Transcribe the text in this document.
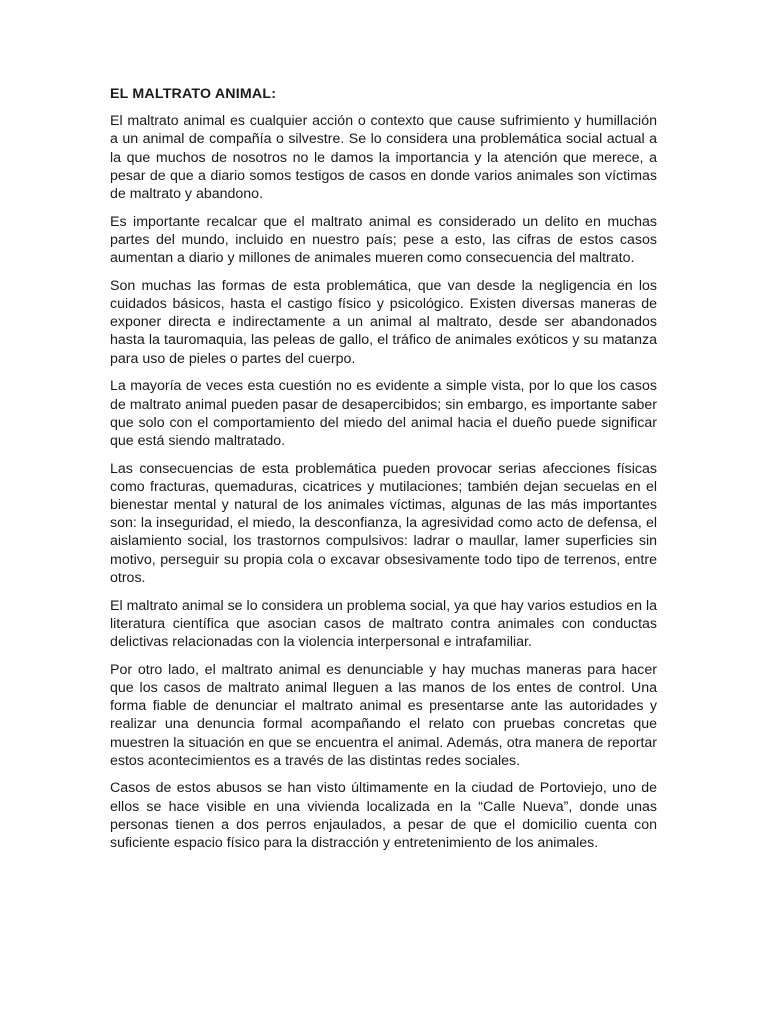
EL MALTRATO ANIMAL:

El maltrato animal es cualquier acción o contexto que cause sufrimiento y humillación a un animal de compañía o silvestre. Se lo considera una problemática social actual a la que muchos de nosotros no le damos la importancia y la atención que merece, a pesar de que a diario somos testigos de casos en donde varios animales son víctimas de maltrato y abandono.

Es importante recalcar que el maltrato animal es considerado un delito en muchas partes del mundo, incluido en nuestro país; pese a esto, las cifras de estos casos aumentan a diario y millones de animales mueren como consecuencia del maltrato.

Son muchas las formas de esta problemática, que van desde la negligencia en los cuidados básicos, hasta el castigo físico y psicológico. Existen diversas maneras de exponer directa e indirectamente a un animal al maltrato, desde ser abandonados hasta la tauromaquia, las peleas de gallo, el tráfico de animales exóticos y su matanza para uso de pieles o partes del cuerpo.

La mayoría de veces esta cuestión no es evidente a simple vista, por lo que los casos de maltrato animal pueden pasar de desapercibidos; sin embargo, es importante saber que solo con el comportamiento del miedo del animal hacia el dueño puede significar que está siendo maltratado.

Las consecuencias de esta problemática pueden provocar serias afecciones físicas como fracturas, quemaduras, cicatrices y mutilaciones; también dejan secuelas en el bienestar mental y natural de los animales víctimas, algunas de las más importantes son: la inseguridad, el miedo, la desconfianza, la agresividad como acto de defensa, el aislamiento social, los trastornos compulsivos: ladrar o maullar, lamer superficies sin motivo, perseguir su propia cola o excavar obsesivamente todo tipo de terrenos, entre otros.

El maltrato animal se lo considera un problema social, ya que hay varios estudios en la literatura científica que asocian casos de maltrato contra animales con conductas delictivas relacionadas con la violencia interpersonal e intrafamiliar.

Por otro lado, el maltrato animal es denunciable y hay muchas maneras para hacer que los casos de maltrato animal lleguen a las manos de los entes de control. Una forma fiable de denunciar el maltrato animal es presentarse ante las autoridades y realizar una denuncia formal acompañando el relato con pruebas concretas que muestren la situación en que se encuentra el animal. Además, otra manera de reportar estos acontecimientos es a través de las distintas redes sociales.

Casos de estos abusos se han visto últimamente en la ciudad de Portoviejo, uno de ellos se hace visible en una vivienda localizada en la “Calle Nueva”, donde unas personas tienen a dos perros enjaulados, a pesar de que el domicilio cuenta con suficiente espacio físico para la distracción y entretenimiento de los animales.
